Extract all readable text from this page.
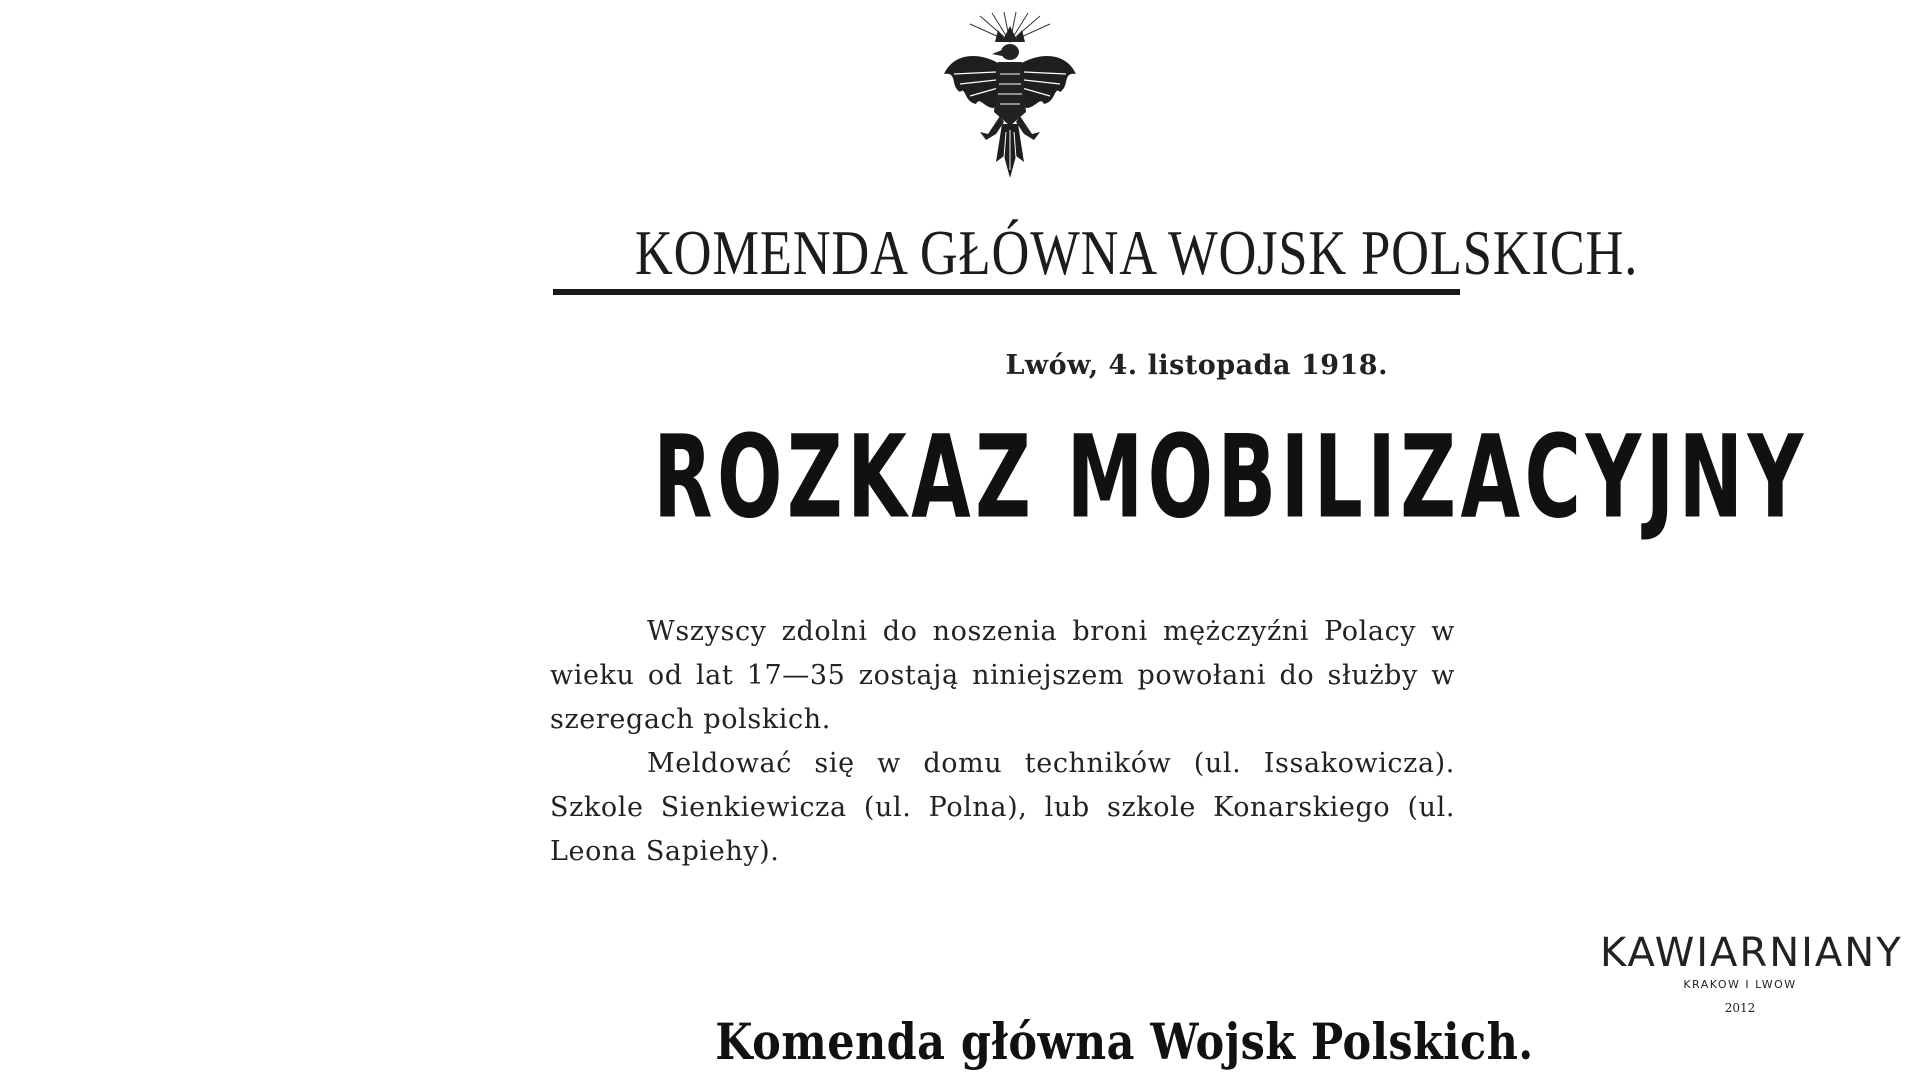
KOMENDA GŁÓWNA WOJSK POLSKICH.
Lwów, 4. listopada 1918.
ROZKAZ MOBILIZACYJNY

Wszyscy zdolni do noszenia broni mężczyźni Polacy w wieku od lat 17—35 zostają niniejszem powołani do służby w szeregach polskich.

Meldować się w domu techników (ul. Issakowicza). Szkole Sienkiewicza (ul. Polna), lub szkole Konarskiego (ul. Leona Sapiehy).

Komenda główna Wojsk Polskich.
KAWIARNIANY
KRAKOW I LWOW
2012
